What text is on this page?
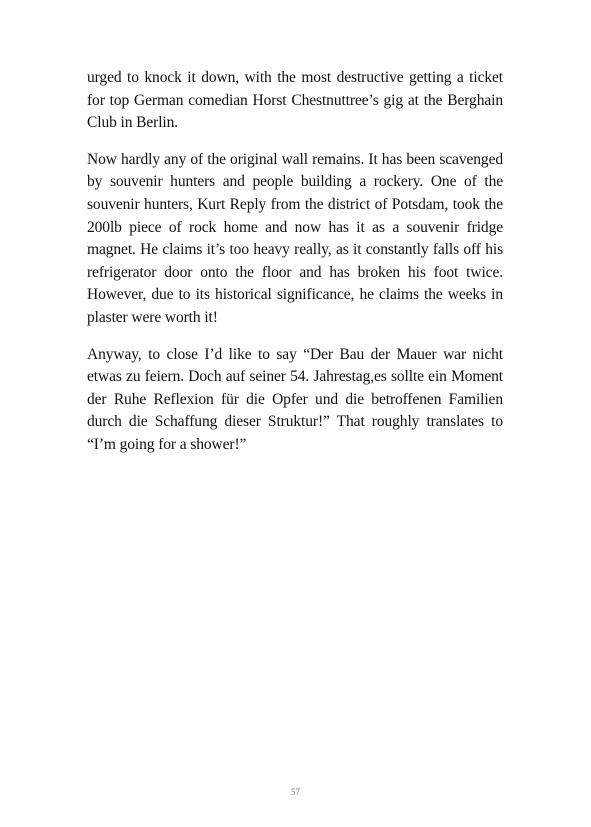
urged to knock it down, with the most destructive getting a ticket for top German comedian Horst Chestnuttree’s gig at the Berghain Club in Berlin.

Now hardly any of the original wall remains. It has been scavenged by souvenir hunters and people building a rockery. One of the souvenir hunters, Kurt Reply from the district of Potsdam, took the 200lb piece of rock home and now has it as a souvenir fridge magnet. He claims it’s too heavy really, as it constantly falls off his refrigerator door onto the floor and has broken his foot twice. However, due to its historical significance, he claims the weeks in plaster were worth it!

Anyway, to close I’d like to say “Der Bau der Mauer war nicht etwas zu feiern. Doch auf seiner 54. Jahrestag,es sollte ein Moment der Ruhe Reflexion für die Opfer und die betroffenen Familien durch die Schaffung dieser Struktur!” That roughly translates to “I’m going for a shower!”

57
